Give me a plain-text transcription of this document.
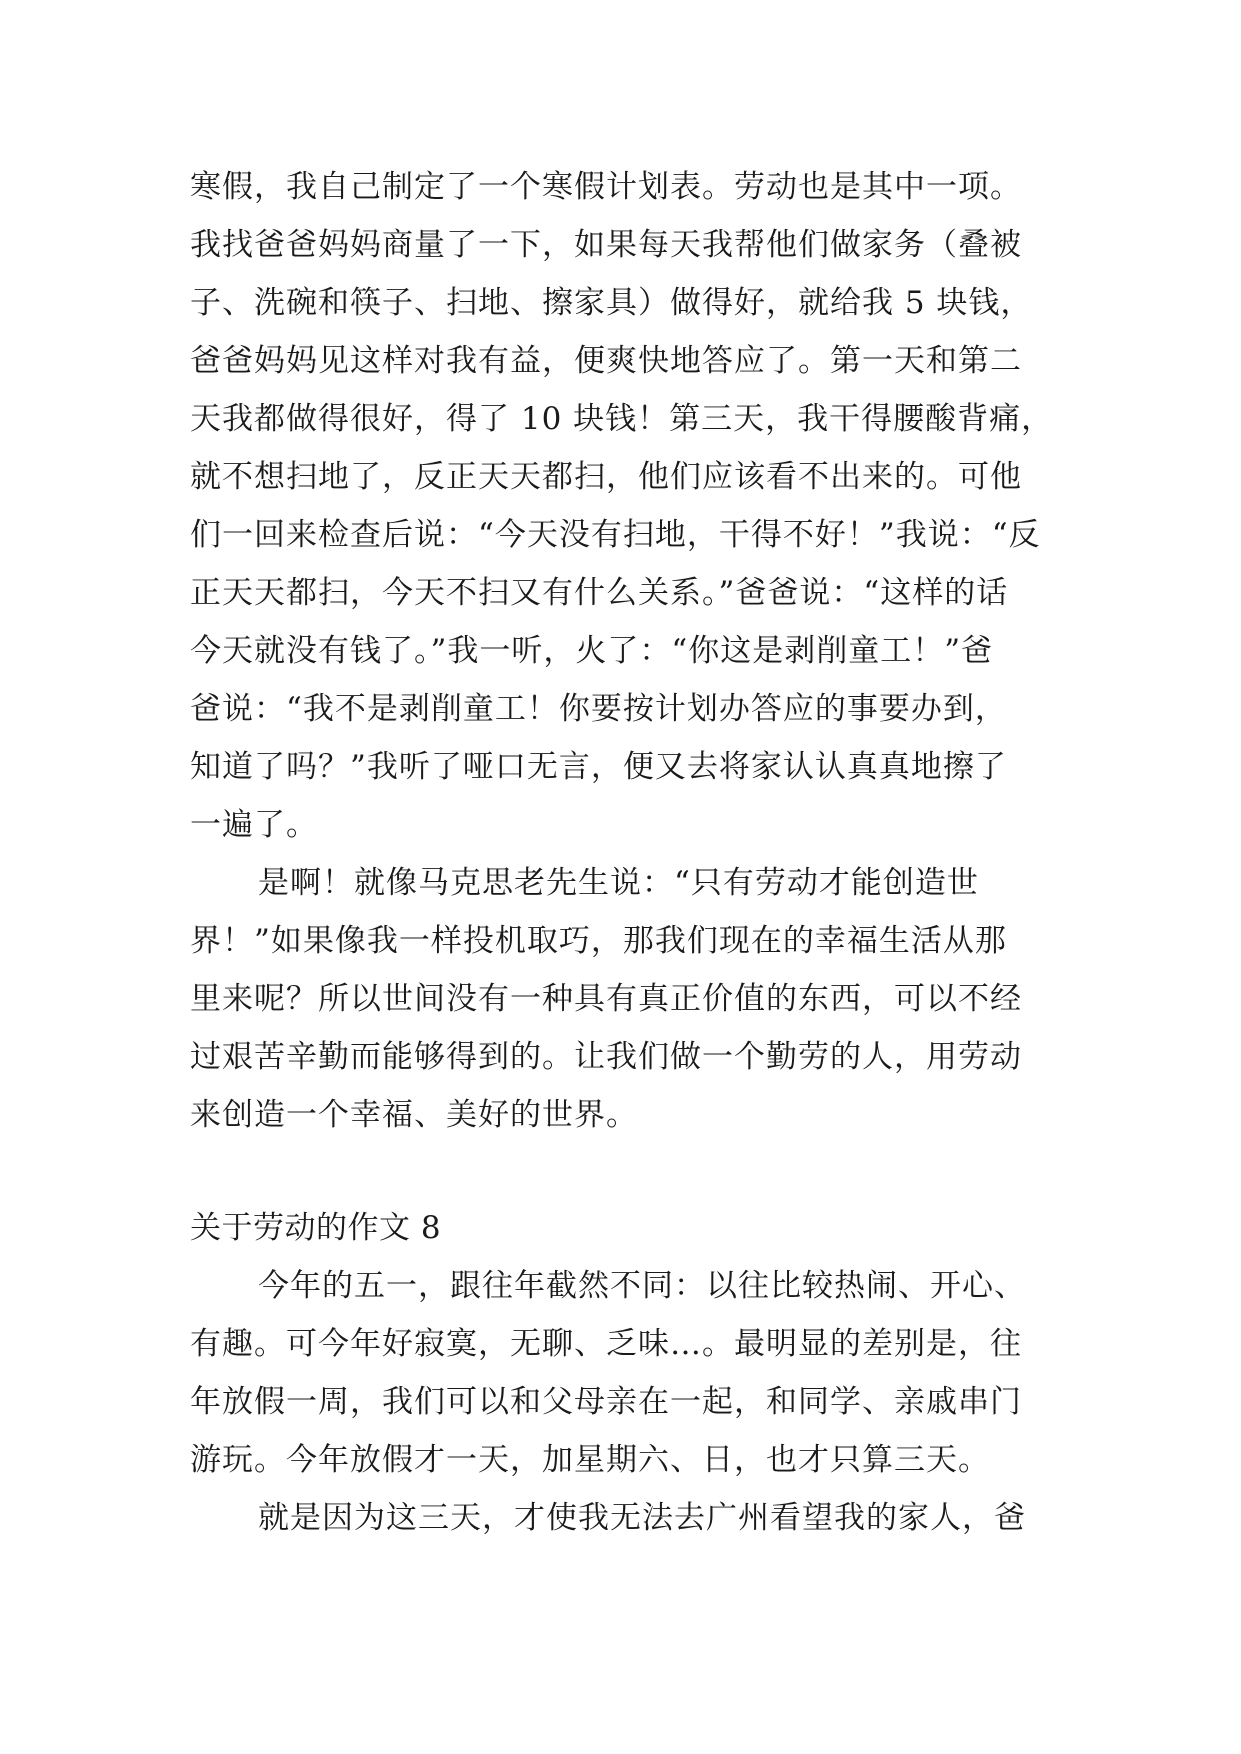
寒假，我自己制定了一个寒假计划表。劳动也是其中一项。
我找爸爸妈妈商量了一下，如果每天我帮他们做家务（叠被
子、洗碗和筷子、扫地、擦家具）做得好，就给我 5 块钱，
爸爸妈妈见这样对我有益，便爽快地答应了。第一天和第二
天我都做得很好，得了 10 块钱！第三天，我干得腰酸背痛，
就不想扫地了，反正天天都扫，他们应该看不出来的。可他
们一回来检查后说：“今天没有扫地，干得不好！”我说：“反
正天天都扫，今天不扫又有什么关系。”爸爸说：“这样的话
今天就没有钱了。”我一听，火了：“你这是剥削童工！”爸
爸说：“我不是剥削童工！你要按计划办答应的事要办到，
知道了吗？”我听了哑口无言，便又去将家认认真真地擦了
一遍了。
是啊！就像马克思老先生说：“只有劳动才能创造世
界！”如果像我一样投机取巧，那我们现在的幸福生活从那
里来呢？所以世间没有一种具有真正价值的东西，可以不经
过艰苦辛勤而能够得到的。让我们做一个勤劳的人，用劳动
来创造一个幸福、美好的世界。
关于劳动的作文 8
今年的五一，跟往年截然不同：以往比较热闹、开心、
有趣。可今年好寂寞，无聊、乏味…。最明显的差别是，往
年放假一周，我们可以和父母亲在一起，和同学、亲戚串门
游玩。今年放假才一天，加星期六、日，也才只算三天。
就是因为这三天，才使我无法去广州看望我的家人，爸
